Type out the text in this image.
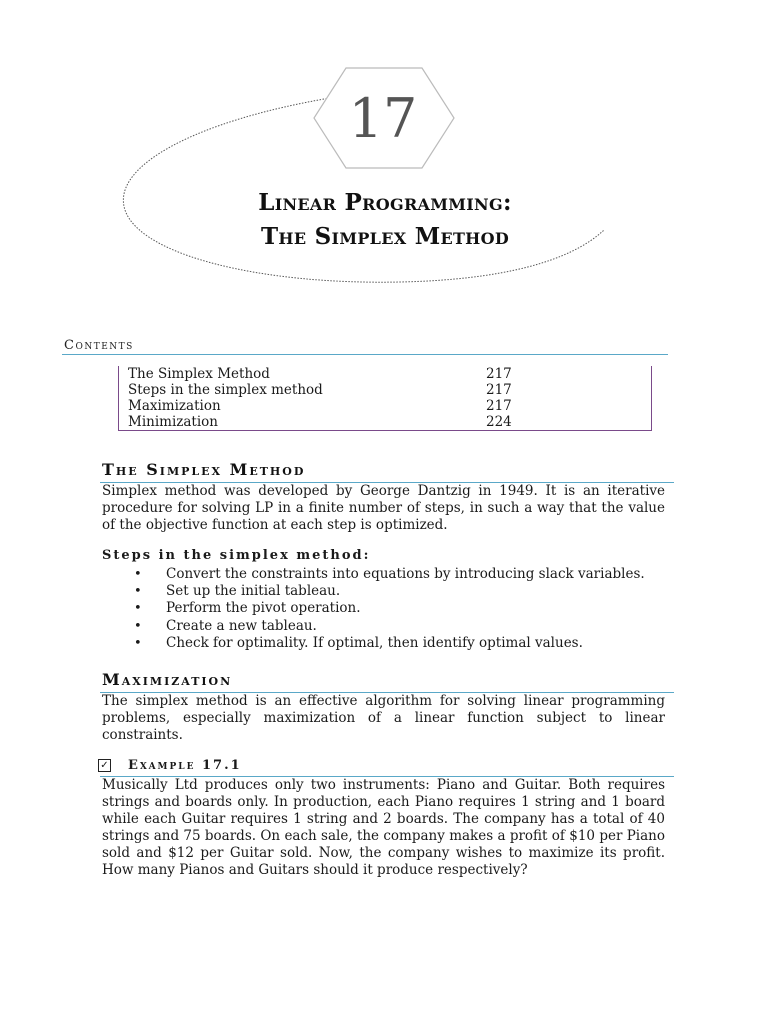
17
Linear Programming:
The Simplex Method
Contents
The Simplex Method	217
Steps in the simplex method	217
Maximization	217
Minimization	224
The Simplex Method
Simplex method was developed by George Dantzig in 1949. It is an iterative procedure for solving LP in a finite number of steps, in such a way that the value of the objective function at each step is optimized.
Steps in the simplex method:
• Convert the constraints into equations by introducing slack variables.
• Set up the initial tableau.
• Perform the pivot operation.
• Create a new tableau.
• Check for optimality. If optimal, then identify optimal values.
Maximization
The simplex method is an effective algorithm for solving linear programming problems, especially maximization of a linear function subject to linear constraints.
✓ Example 17.1
Musically Ltd produces only two instruments: Piano and Guitar. Both requires strings and boards only. In production, each Piano requires 1 string and 1 board while each Guitar requires 1 string and 2 boards. The company has a total of 40 strings and 75 boards. On each sale, the company makes a profit of $10 per Piano sold and $12 per Guitar sold. Now, the company wishes to maximize its profit. How many Pianos and Guitars should it produce respectively?
